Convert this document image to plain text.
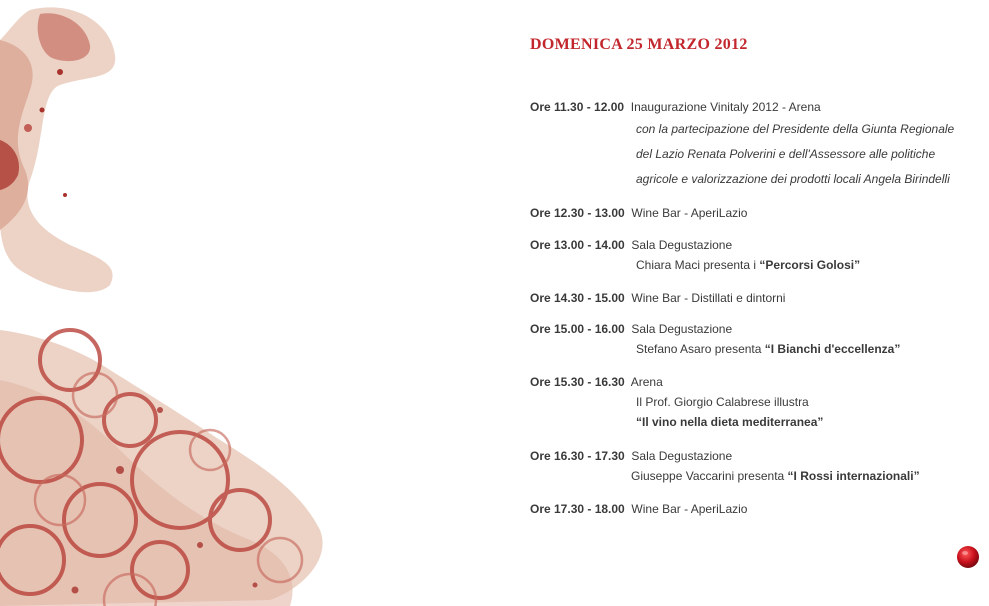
DOMENICA 25 MARZO 2012
Ore 11.30 - 12.00 Inaugurazione Vinitaly 2012 - Arena
con la partecipazione del Presidente della Giunta Regionale
del Lazio Renata Polverini e dell'Assessore alle politiche
agricole e valorizzazione dei prodotti locali Angela Birindelli
Ore 12.30 - 13.00 Wine Bar - AperiLazio
Ore 13.00 - 14.00 Sala Degustazione
Chiara Maci presenta i “Percorsi Golosi”
Ore 14.30 - 15.00 Wine Bar - Distillati e dintorni
Ore 15.00 - 16.00 Sala Degustazione
Stefano Asaro presenta “I Bianchi d'eccellenza”
Ore 15.30 - 16.30 Arena
Il Prof. Giorgio Calabrese illustra
“Il vino nella dieta mediterranea”
Ore 16.30 - 17.30 Sala Degustazione
Giuseppe Vaccarini presenta “I Rossi internazionali”
Ore 17.30 - 18.00 Wine Bar - AperiLazio
